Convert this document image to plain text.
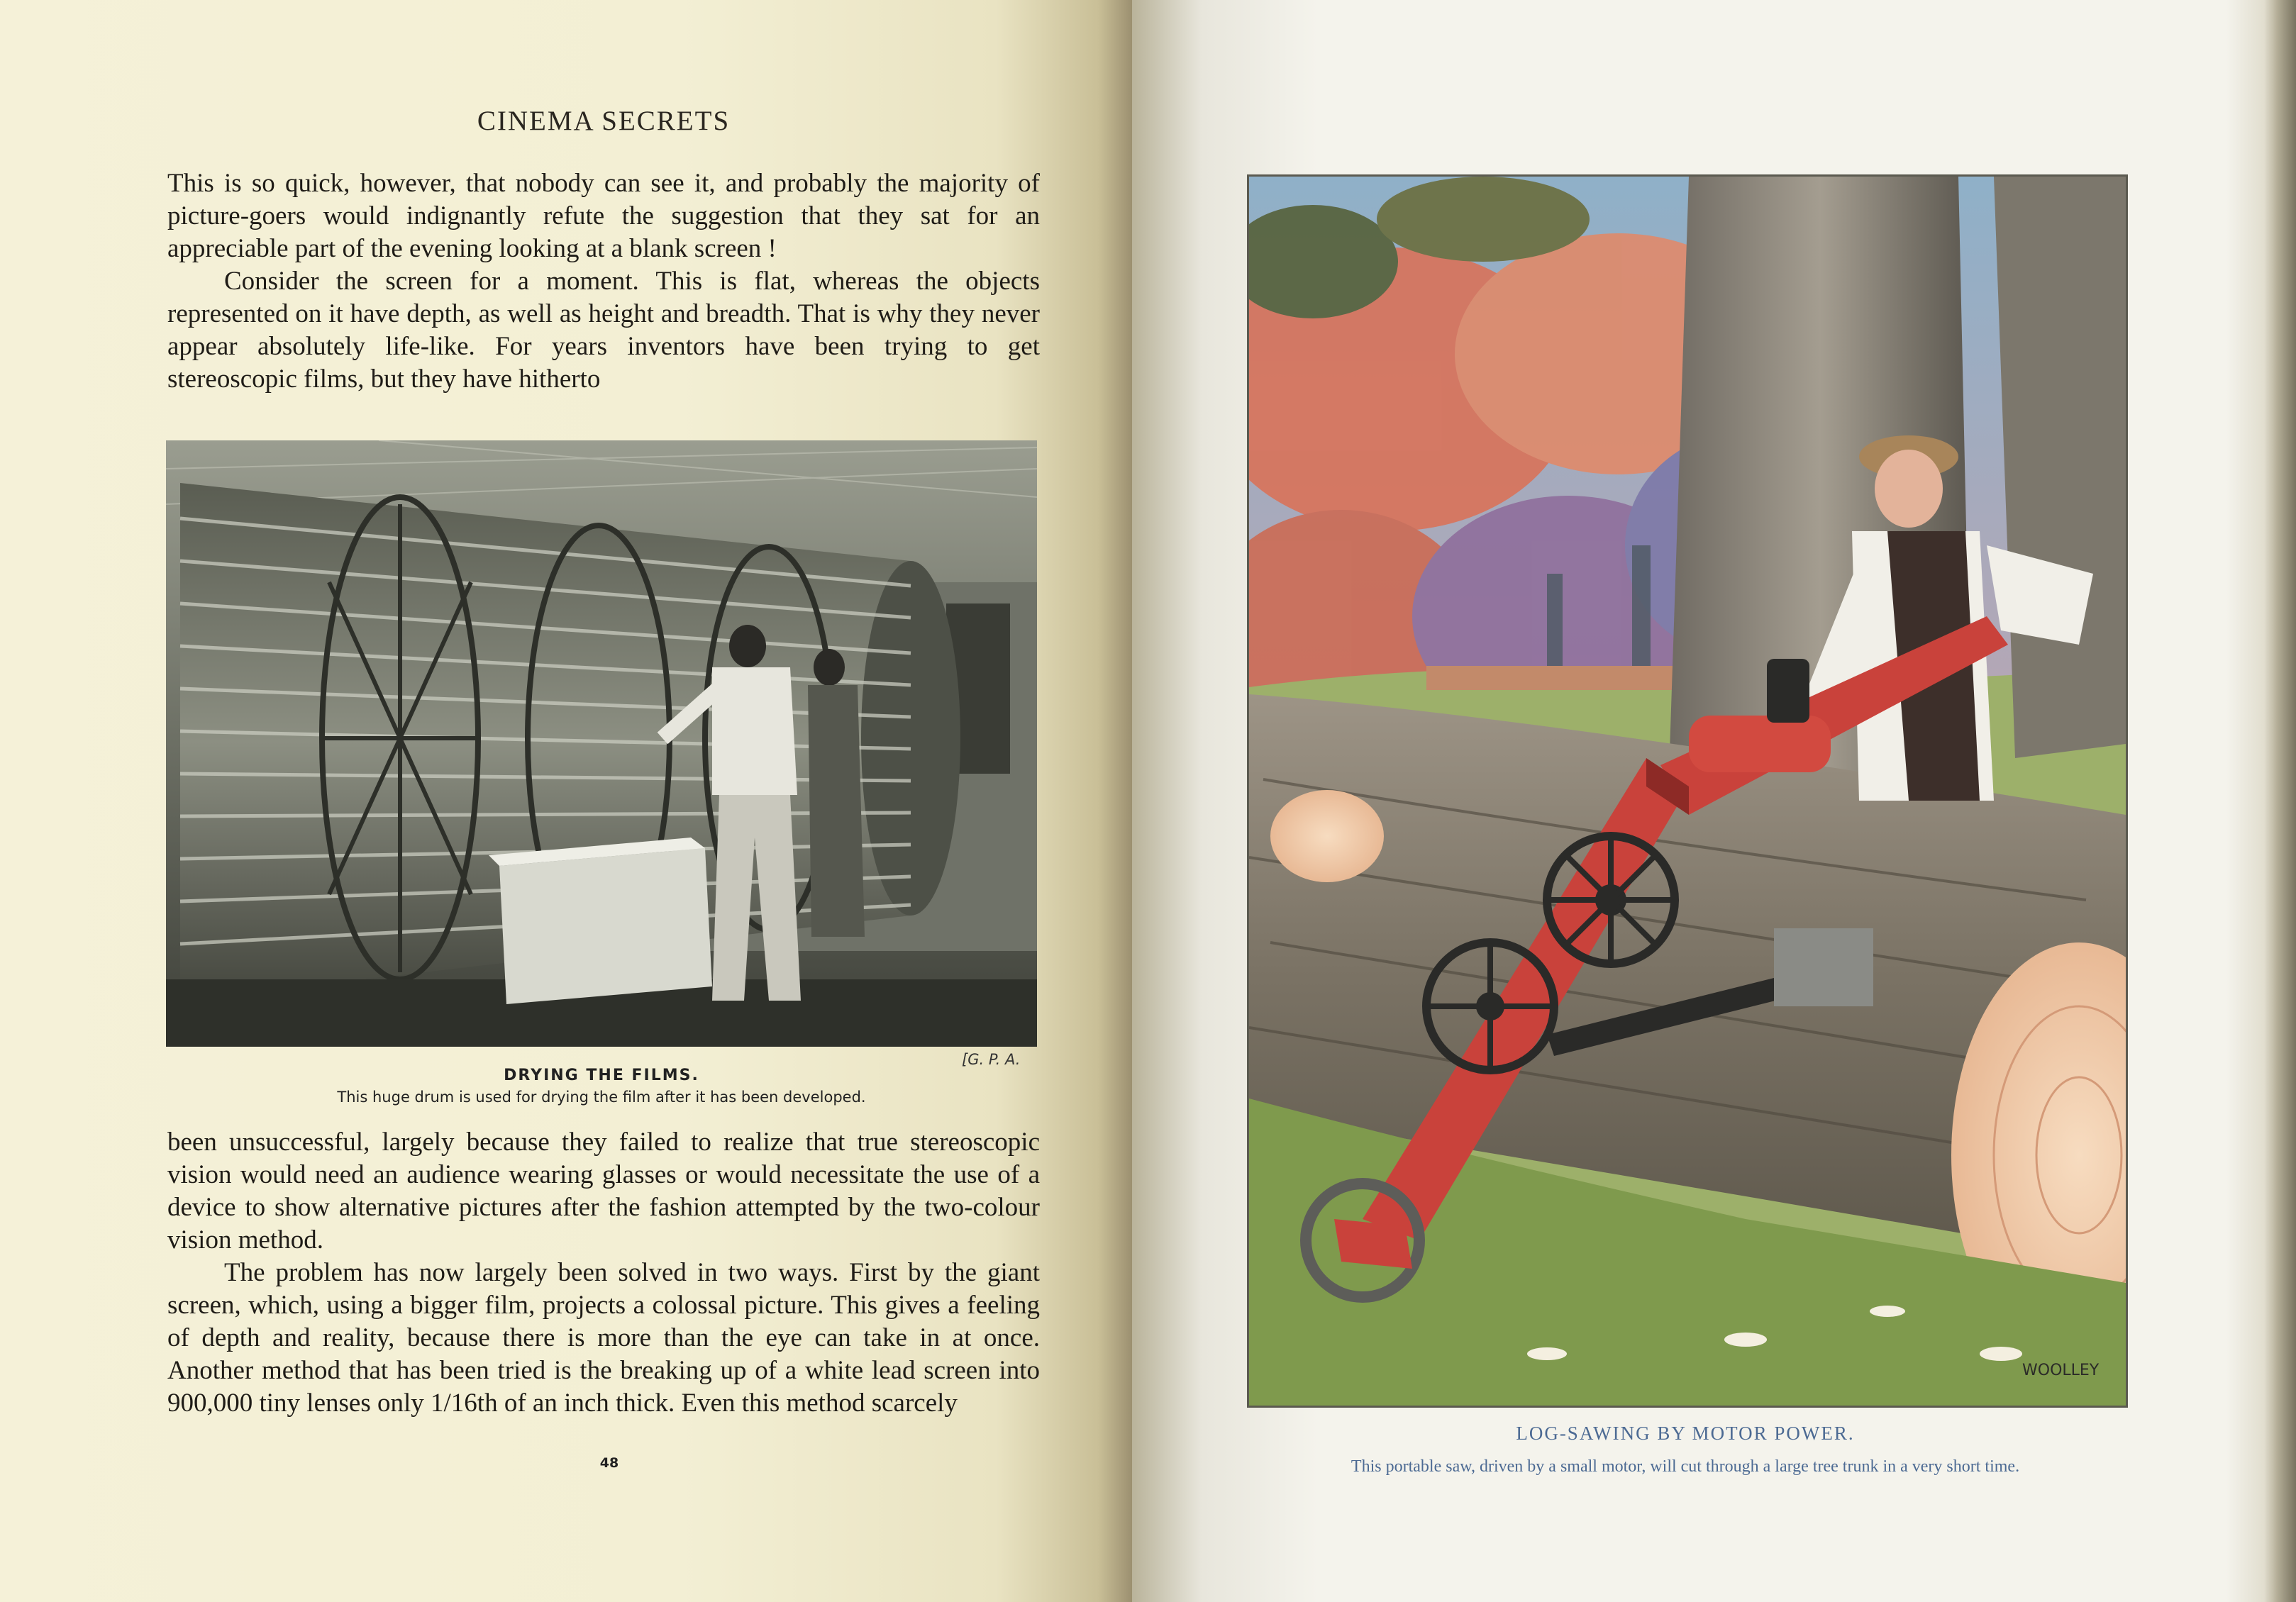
CINEMA SECRETS

This is so quick, however, that nobody can see it, and probably the majority of picture-goers would indignantly refute the suggestion that they sat for an appreciable part of the evening looking at a blank screen !

Consider the screen for a moment. This is flat, whereas the objects represented on it have depth, as well as height and breadth. That is why they never appear absolutely life-like. For years inventors have been trying to get stereoscopic films, but they have hitherto

[G. P. A.
DRYING THE FILMS.
This huge drum is used for drying the film after it has been developed.

been unsuccessful, largely because they failed to realize that true stereoscopic vision would need an audience wearing glasses or would necessitate the use of a device to show alternative pictures after the fashion attempted by the two-colour vision method.

The problem has now largely been solved in two ways. First by the giant screen, which, using a bigger film, projects a colossal picture. This gives a feeling of depth and reality, because there is more than the eye can take in at once. Another method that has been tried is the breaking up of a white lead screen into 900,000 tiny lenses only 1/16th of an inch thick. Even this method scarcely

48
WOOLLEY
LOG-SAWING BY MOTOR POWER.
This portable saw, driven by a small motor, will cut through a large tree trunk in a very short time.
